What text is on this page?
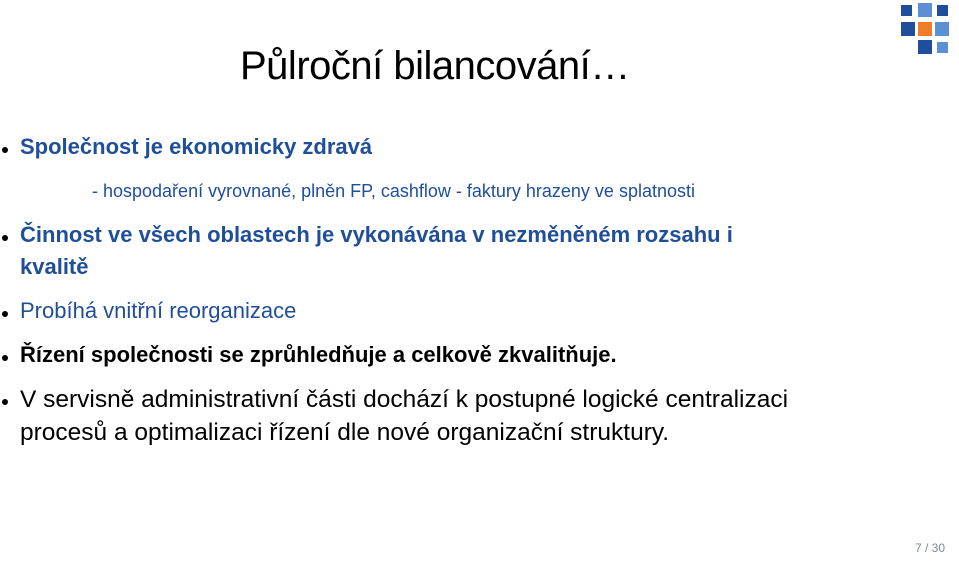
Půlroční bilancování…
Společnost je ekonomicky zdravá
- hospodaření vyrovnané, plněn FP, cashflow - faktury hrazeny ve splatnosti
Činnost ve všech oblastech je vykonávána v nezměněném rozsahu i
kvalitě
Probíhá vnitřní reorganizace
Řízení společnosti se zprůhledňuje a celkově zkvalitňuje.
V servisně administrativní části dochází k postupné logické centralizaci
procesů a optimalizaci řízení dle nové organizační struktury.
7 / 30
